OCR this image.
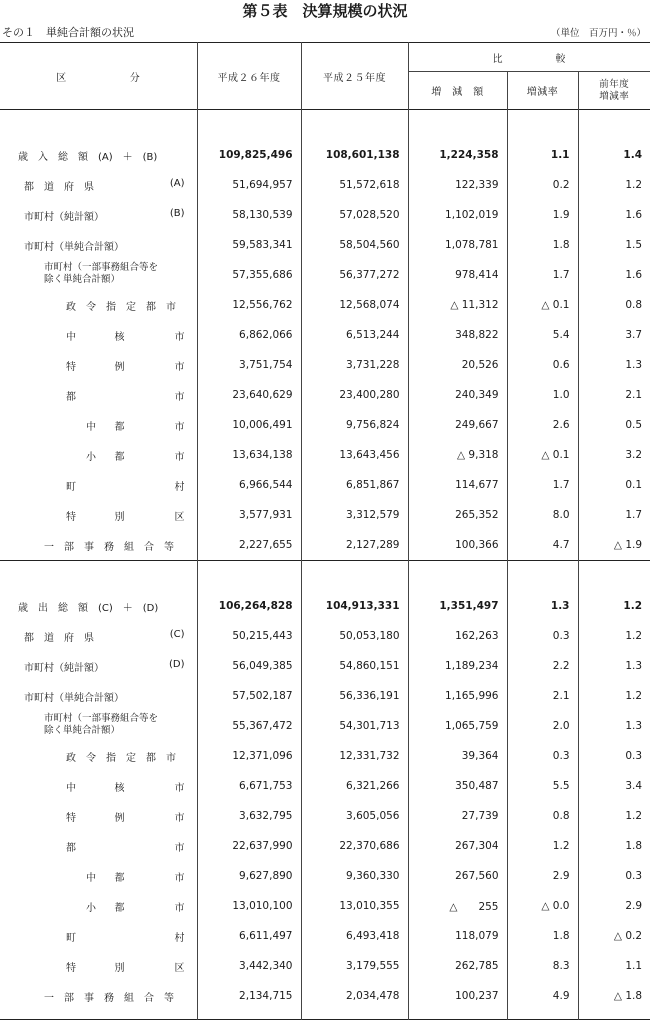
第５表　決算規模の状況
その１　単純合計額の状況	（単位　百万円・％）
区　　　　　　分	平成２６年度	平成２５年度	比　　　　　較		
			増　減　額	増減率	前年度
増減率

歳　入　総　額　(A)　＋　(B)	109,825,496	108,601,138	1,224,358	1.1	1.4

都　道　府　県 (A)	51,694,957	51,572,618	122,339	0.2	1.2

市町村（純計額） (B)	58,130,539	57,028,520	1,102,019	1.9	1.6

市町村（単純合計額）	59,583,341	58,504,560	1,078,781	1.8	1.5

市町村（一部事務組合等を
除く単純合計額）	57,355,686	56,377,272	978,414	1.7	1.6

政　令　指　定　都　市	12,556,762	12,568,074	△ 11,312	△ 0.1	0.8

中 核　　　　　市	6,862,066	6,513,244	348,822	5.4	3.7

特 例　　　　　市	3,751,754	3,731,228	20,526	0.6	1.3

都 市	23,640,629	23,400,280	240,349	1.0	2.1

中 都　　　　　市	10,006,491	9,756,824	249,667	2.6	0.5

小 都　　　　　市	13,634,138	13,643,456	△ 9,318	△ 0.1	3.2

町 村	6,966,544	6,851,867	114,677	1.7	0.1

特 別　　　　　区	3,577,931	3,312,579	265,352	8.0	1.7

一　部　事　務　組　合　等	2,227,655	2,127,289	100,366	4.7	△ 1.9

歳　出　総　額　(C)　＋　(D)	106,264,828	104,913,331	1,351,497	1.3	1.2

都　道　府　県 (C)	50,215,443	50,053,180	162,263	0.3	1.2

市町村（純計額） (D)	56,049,385	54,860,151	1,189,234	2.2	1.3

市町村（単純合計額）	57,502,187	56,336,191	1,165,996	2.1	1.2

市町村（一部事務組合等を
除く単純合計額）	55,367,472	54,301,713	1,065,759	2.0	1.3

政　令　指　定　都　市	12,371,096	12,331,732	39,364	0.3	0.3

中 核　　　　　市	6,671,753	6,321,266	350,487	5.5	3.4

特 例　　　　　市	3,632,795	3,605,056	27,739	0.8	1.2

都 市	22,637,990	22,370,686	267,304	1.2	1.8

中 都　　　　　市	9,627,890	9,360,330	267,560	2.9	0.3

小 都　　　　　市	13,010,100	13,010,355	△　　255	△ 0.0	2.9

町 村	6,611,497	6,493,418	118,079	1.8	△ 0.2

特 別　　　　　区	3,442,340	3,179,555	262,785	8.3	1.1

一　部　事　務　組　合　等	2,134,715	2,034,478	100,237	4.9	△ 1.8
